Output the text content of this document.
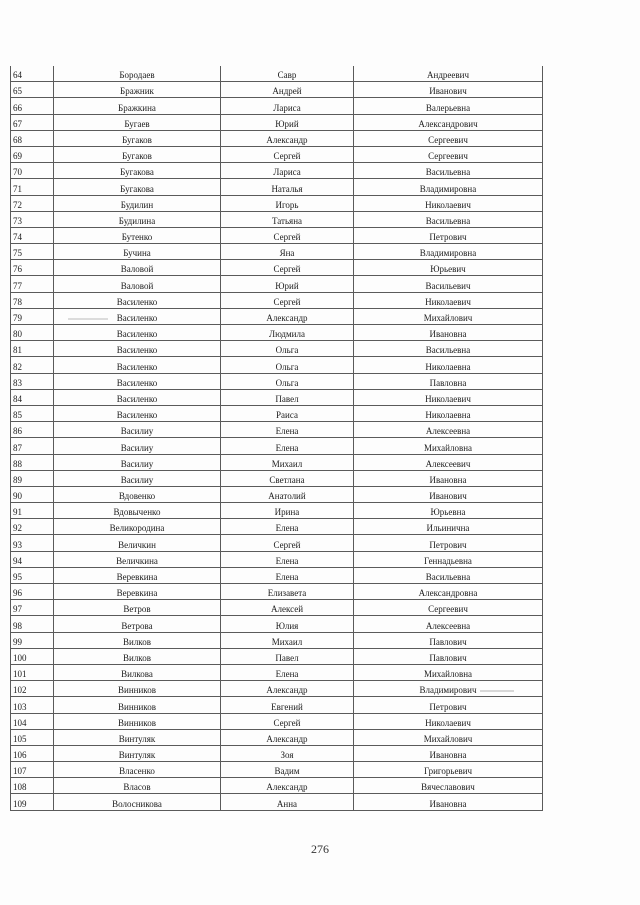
64	Бородаев	Савр	Андреевич
65	Бражник	Андрей	Иванович
66	Бражкина	Лариса	Валерьевна
67	Бугаев	Юрий	Александрович
68	Бугаков	Александр	Сергеевич
69	Бугаков	Сергей	Сергеевич
70	Бугакова	Лариса	Васильевна
71	Бугакова	Наталья	Владимировна
72	Будилин	Игорь	Николаевич
73	Будилина	Татьяна	Васильевна
74	Бутенко	Сергей	Петрович
75	Бучина	Яна	Владимировна
76	Валовой	Сергей	Юрьевич
77	Валовой	Юрий	Васильевич
78	Василенко	Сергей	Николаевич
79	Василенко	Александр	Михайлович
80	Василенко	Людмила	Ивановна
81	Василенко	Ольга	Васильевна
82	Василенко	Ольга	Николаевна
83	Василенко	Ольга	Павловна
84	Василенко	Павел	Николаевич
85	Василенко	Раиса	Николаевна
86	Василиу	Елена	Алексеевна
87	Василиу	Елена	Михайловна
88	Василиу	Михаил	Алексеевич
89	Василиу	Светлана	Ивановна
90	Вдовенко	Анатолий	Иванович
91	Вдовыченко	Ирина	Юрьевна
92	Великородина	Елена	Ильинична
93	Величкин	Сергей	Петрович
94	Величкина	Елена	Геннадьевна
95	Веревкина	Елена	Васильевна
96	Веревкина	Елизавета	Александровна
97	Ветров	Алексей	Сергеевич
98	Ветрова	Юлия	Алексеевна
99	Вилков	Михаил	Павлович
100	Вилков	Павел	Павлович
101	Вилкова	Елена	Михайловна
102	Винников	Александр	Владимирович
103	Винников	Евгений	Петрович
104	Винников	Сергей	Николаевич
105	Винтуляк	Александр	Михайлович
106	Винтуляк	Зоя	Ивановна
107	Власенко	Вадим	Григорьевич
108	Власов	Александр	Вячеславович
109	Волосникова	Анна	Ивановна
276
